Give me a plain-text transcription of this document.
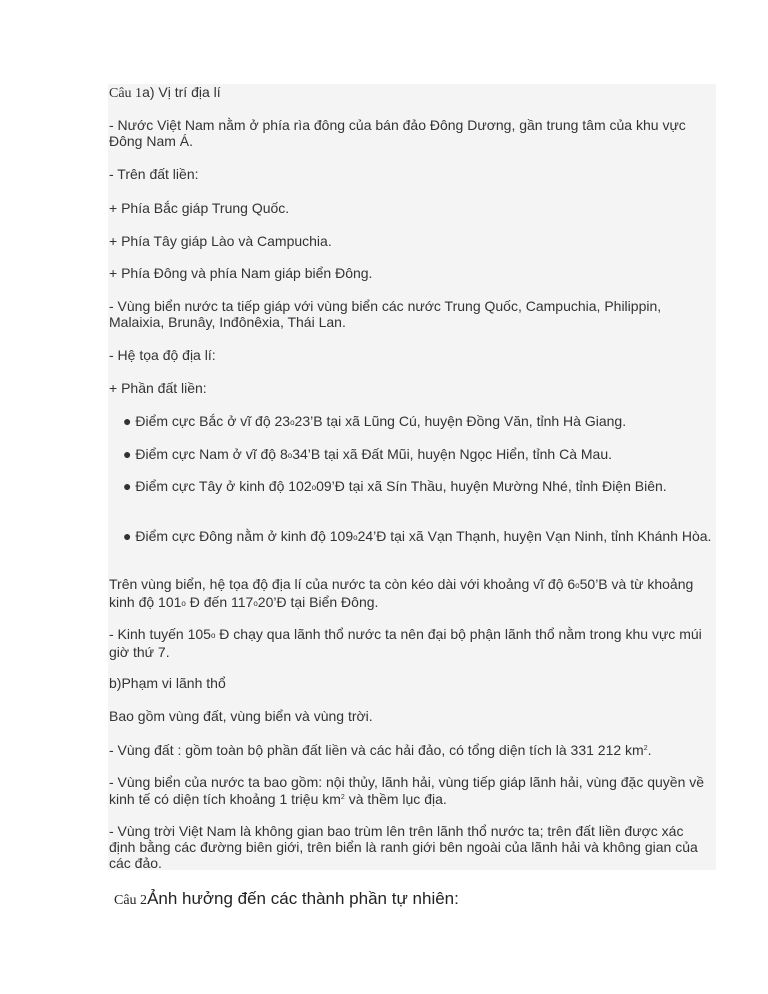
Câu 1a) Vị trí địa lí

- Nước Việt Nam nằm ở phía rìa đông của bán đảo Đông Dương, gần trung tâm của khu vực Đông Nam Á.

- Trên đất liền:

+ Phía Bắc giáp Trung Quốc.

+ Phía Tây giáp Lào và Campuchia.

+ Phía Đông và phía Nam giáp biển Đông.

- Vùng biển nước ta tiếp giáp với vùng biển các nước Trung Quốc, Campuchia, Philippin, Malaixia, Brunây, Inđônêxia, Thái Lan.

- Hệ tọa độ địa lí:

+ Phần đất liền:

● Điểm cực Bắc ở vĩ độ 23o23’B tại xã Lũng Cú, huyện Đồng Văn, tỉnh Hà Giang.

● Điểm cực Nam ở vĩ độ 8o34’B tại xã Đất Mũi, huyện Ngọc Hiển, tỉnh Cà Mau.

● Điểm cực Tây ở kinh độ 102o09’Đ tại xã Sín Thầu, huyện Mường Nhé, tỉnh Điện Biên.

● Điểm cực Đông nằm ở kinh độ 109o24’Đ tại xã Vạn Thạnh, huyện Vạn Ninh, tỉnh Khánh Hòa.

Trên vùng biển, hệ tọa độ địa lí của nước ta còn kéo dài với khoảng vĩ độ 6o50’B và từ khoảng kinh độ 101o Đ đến 117o20’Đ tại Biển Đông.

- Kinh tuyến 105o Đ chạy qua lãnh thổ nước ta nên đại bộ phận lãnh thổ nằm trong khu vực múi giờ thứ 7.

b)Phạm vi lãnh thổ

Bao gồm vùng đất, vùng biển và vùng trời.

- Vùng đất : gồm toàn bộ phần đất liền và các hải đảo, có tổng diện tích là 331 212 $km^2$.

- Vùng biển của nước ta bao gồm: nội thủy, lãnh hải, vùng tiếp giáp lãnh hải, vùng đặc quyền về kinh tế có diện tích khoảng 1 triệu $km^2$ và thềm lục địa.

- Vùng trời Việt Nam là không gian bao trùm lên trên lãnh thổ nước ta; trên đất liền được xác định bằng các đường biên giới, trên biển là ranh giới bên ngoài của lãnh hải và không gian của các đảo.

Câu 2Ảnh hưởng đến các thành phần tự nhiên:
